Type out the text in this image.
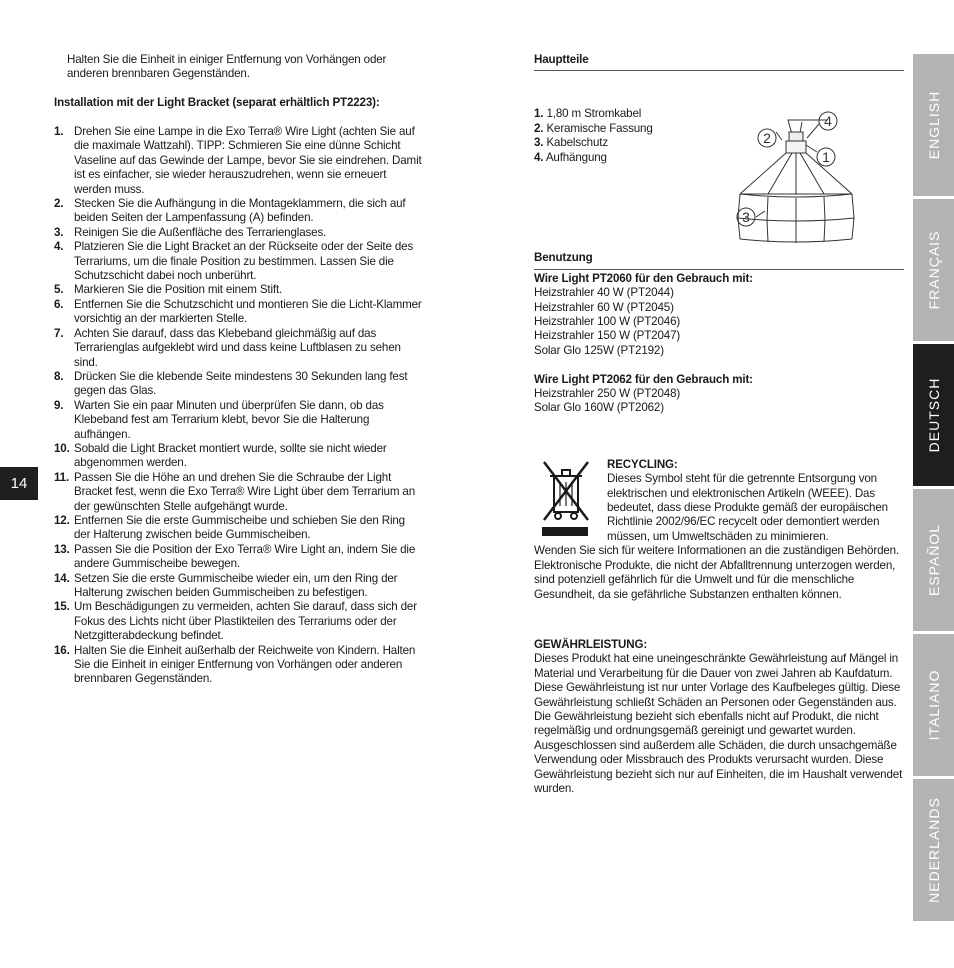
14
Halten Sie die Einheit in einiger Entfernung von Vorhängen oder anderen brennbaren Gegenständen.
Installation mit der Light Bracket (separat erhältlich PT2223):
1. Drehen Sie eine Lampe in die Exo Terra® Wire Light (achten Sie auf die maximale Wattzahl). TIPP: Schmieren Sie eine dünne Schicht Vaseline auf das Gewinde der Lampe, bevor Sie sie eindrehen. Damit ist es einfacher, sie wieder herauszudrehen, wenn sie erneuert werden muss.
2. Stecken Sie die Aufhängung in die Montageklammern, die sich auf beiden Seiten der Lampenfassung (A) befinden.
3. Reinigen Sie die Außenfläche des Terrarienglases.
4. Platzieren Sie die Light Bracket an der Rückseite oder der Seite des Terrariums, um die finale Position zu bestimmen. Lassen Sie die Schutzschicht dabei noch unberührt.
5. Markieren Sie die Position mit einem Stift.
6. Entfernen Sie die Schutzschicht und montieren Sie die Licht-Klammer vorsichtig an der markierten Stelle.
7. Achten Sie darauf, dass das Klebeband gleichmäßig auf das Terrarienglas aufgeklebt wird und dass keine Luftblasen zu sehen sind.
8. Drücken Sie die klebende Seite mindestens 30 Sekunden lang fest gegen das Glas.
9. Warten Sie ein paar Minuten und überprüfen Sie dann, ob das Klebeband fest am Terrarium klebt, bevor Sie die Halterung aufhängen.
10. Sobald die Light Bracket montiert wurde, sollte sie nicht wieder abgenommen werden.
11. Passen Sie die Höhe an und drehen Sie die Schraube der Light Bracket fest, wenn die Exo Terra® Wire Light über dem Terrarium an der gewünschten Stelle aufgehängt wurde.
12. Entfernen Sie die erste Gummischeibe und schieben Sie den Ring der Halterung zwischen beide Gummischeiben.
13. Passen Sie die Position der Exo Terra® Wire Light an, indem Sie die andere Gummischeibe bewegen.
14. Setzen Sie die erste Gummischeibe wieder ein, um den Ring der Halterung zwischen beiden Gummischeiben zu befestigen.
15. Um Beschädigungen zu vermeiden, achten Sie darauf, dass sich der Fokus des Lichts nicht über Plastikteilen des Terrariums oder der Netzgitterabdeckung befindet.
16. Halten Sie die Einheit außerhalb der Reichweite von Kindern. Halten Sie die Einheit in einiger Entfernung von Vorhängen oder anderen brennbaren Gegenständen.
Hauptteile
1. 1,80 m Stromkabel
2. Keramische Fassung
3. Kabelschutz
4. Aufhängung
4
2
1
3
Benutzung
Wire Light PT2060 für den Gebrauch mit:
Heizstrahler 40 W (PT2044)
Heizstrahler 60 W (PT2045)
Heizstrahler 100 W (PT2046)
Heizstrahler 150 W (PT2047)
Solar Glo 125W (PT2192)
Wire Light PT2062 für den Gebrauch mit:
Heizstrahler 250 W (PT2048)
Solar Glo 160W (PT2062)
RECYCLING:
Dieses Symbol steht für die getrennte Entsorgung von elektrischen und elektronischen Artikeln (WEEE). Das bedeutet, dass diese Produkte gemäß der europäischen Richtlinie 2002/96/EC recycelt oder demontiert werden müssen, um Umweltschäden zu minimieren.
Wenden Sie sich für weitere Informationen an die zuständigen Behörden. Elektronische Produkte, die nicht der Abfalltrennung unterzogen werden, sind potenziell gefährlich für die Umwelt und für die menschliche Gesundheit, da sie gefährliche Substanzen enthalten können.
GEWÄHRLEISTUNG:
Dieses Produkt hat eine uneingeschränkte Gewährleistung auf Mängel in Material und Verarbeitung für die Dauer von zwei Jahren ab Kaufdatum. Diese Gewährleistung ist nur unter Vorlage des Kaufbeleges gültig. Diese Gewährleistung schließt Schäden an Personen oder Gegenständen aus. Die Gewährleistung bezieht sich ebenfalls nicht auf Produkt, die nicht regelmäßig und ordnungsgemäß gereinigt und gewartet wurden. Ausgeschlossen sind außerdem alle Schäden, die durch unsachgemäße Verwendung oder Missbrauch des Produkts verursacht wurden. Diese Gewährleistung bezieht sich nur auf Einheiten, die im Haushalt verwendet wurden.
ENGLISH
FRANÇAIS
DEUTSCH
ESPAÑOL
ITALIANO
NEDERLANDS
